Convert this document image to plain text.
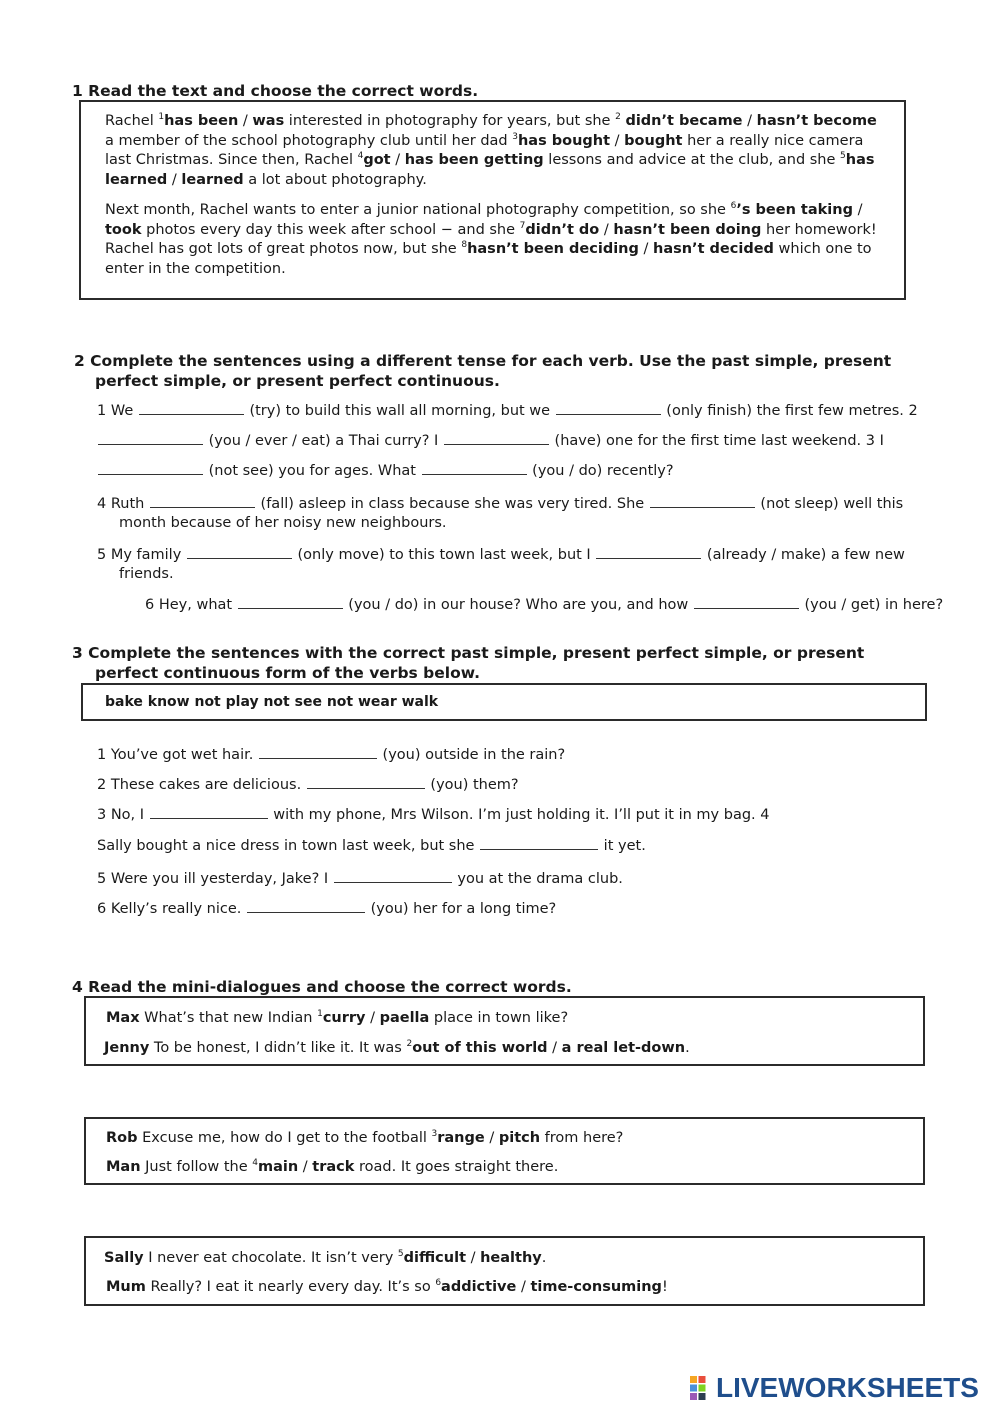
1 Read the text and choose the correct words.

Rachel $^1$has been / was interested in photography for years, but she $^2$ didn’t became / hasn’t become a member of the school photography club until her dad $^3$has bought / bought her a really nice camera last Christmas. Since then, Rachel $^4$got / has been getting lessons and advice at the club, and she $^5$has learned / learned a lot about photography.

Next month, Rachel wants to enter a junior national photography competition, so she $^6$’s been taking / took photos every day this week after school − and she $^7$didn’t do / hasn’t been doing her homework! Rachel has got lots of great photos now, but she $^8$hasn’t been deciding / hasn’t decided which one to enter in the competition.

2 Complete the sentences using a different tense for each verb. Use the past simple, present
perfect simple, or present perfect continuous.
1 We	(try) to build this wall all morning, but we	(only finish) the first few metres. 2
(you / ever / eat) a Thai curry? I	(have) one for the first time last weekend. 3 I
(not see) you for ages. What	(you / do) recently?
4 Ruth	(fall) asleep in class because she was very tired. She	(not sleep) well this
month because of her noisy new neighbours.
5 My family	(only move) to this town last week, but I	(already / make) a few new
friends.
6 Hey, what	(you / do) in our house? Who are you, and how	(you / get) in here?
3 Complete the sentences with the correct past simple, present perfect simple, or present
perfect continuous form of the verbs below.
bake know not play not see not wear walk
1 You’ve got wet hair.	(you) outside in the rain?
2 These cakes are delicious.	(you) them?
3 No, I	with my phone, Mrs Wilson. I’m just holding it. I’ll put it in my bag. 4
Sally bought a nice dress in town last week, but she	it yet.
5 Were you ill yesterday, Jake? I	you at the drama club.
6 Kelly’s really nice.	(you) her for a long time?
4 Read the mini-dialogues and choose the correct words.
Max What’s that new Indian $^1$curry / paella place in town like?
Jenny To be honest, I didn’t like it. It was $^2$out of this world / a real let-down.
Rob Excuse me, how do I get to the football $^3$range / pitch from here?
Man Just follow the $^4$main / track road. It goes straight there.
Sally I never eat chocolate. It isn’t very $^5$difficult / healthy.
Mum Really? I eat it nearly every day. It’s so $^6$addictive / time-consuming!
LIVEWORKSHEETS
